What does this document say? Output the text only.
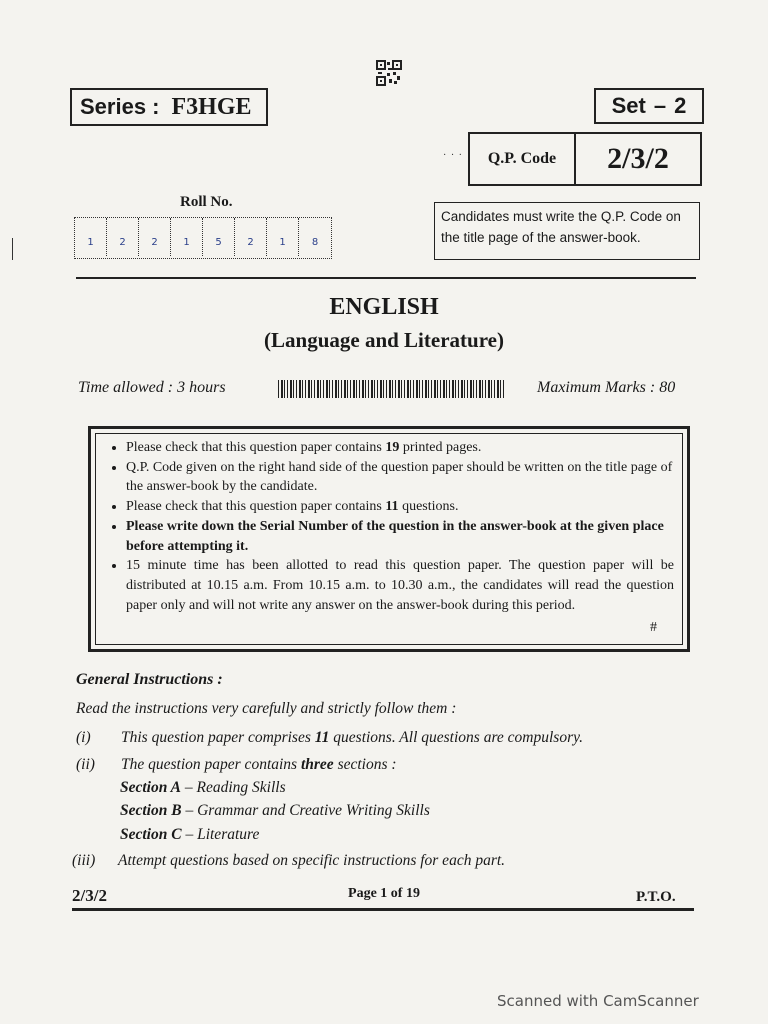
Series : F3HGE	Set – 2
· · ·	Q.P. Code	2/3/2
Roll No.
1	2	2	1	5	2	1	8
Candidates must write the Q.P. Code on the title page of the answer-book.
ENGLISH
(Language and Literature)
Time allowed : 3 hours	Maximum Marks : 80
• Please check that this question paper contains 19 printed pages.
• Q.P. Code given on the right hand side of the question paper should be written on the title page of the answer-book by the candidate.
• Please check that this question paper contains 11 questions.
• Please write down the Serial Number of the question in the answer-book at the given place before attempting it.
• 15 minute time has been allotted to read this question paper. The question paper will be distributed at 10.15 a.m. From 10.15 a.m. to 10.30 a.m., the candidates will read the question paper only and will not write any answer on the answer-book during this period.
#
General Instructions :
Read the instructions very carefully and strictly follow them :
(i) This question paper comprises 11 questions. All questions are compulsory.
(ii) The question paper contains three sections :
Section A – Reading Skills
Section B – Grammar and Creative Writing Skills
Section C – Literature
(iii) Attempt questions based on specific instructions for each part.
2/3/2	Page 1 of 19	P.T.O.
Scanned with CamScanner
